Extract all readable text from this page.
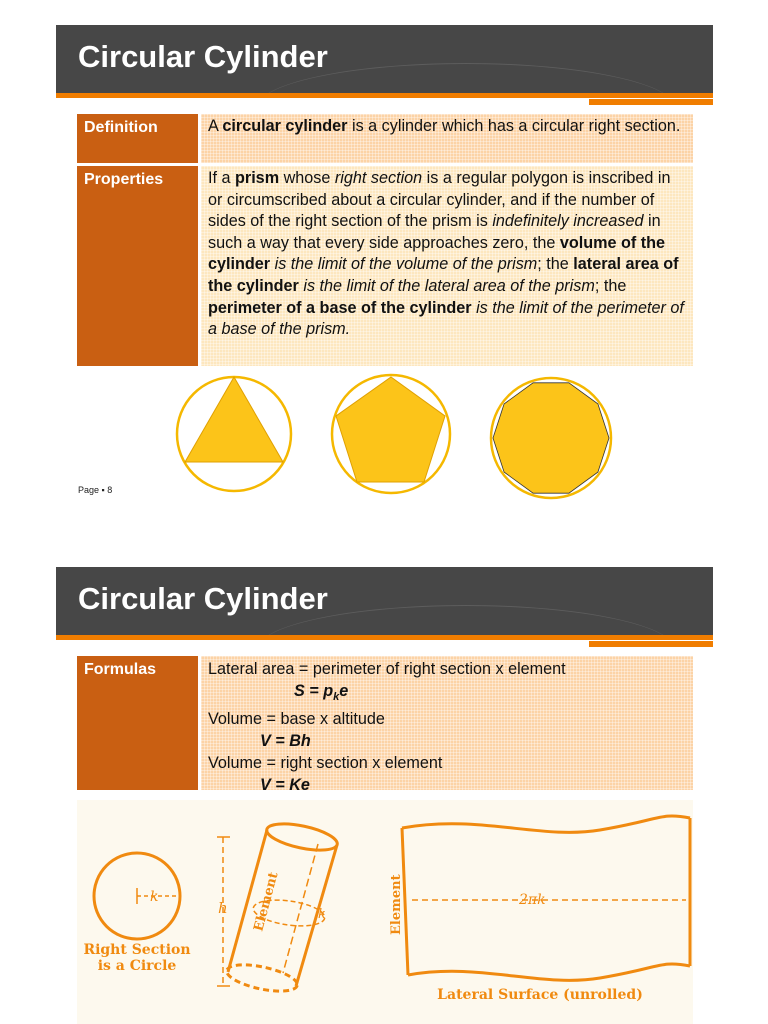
Circular Cylinder
Definition	A circular cylinder is a cylinder which has a circular right section.
Properties	If a prism whose right section is a regular polygon is inscribed in or circumscribed about a circular cylinder, and if the number of sides of the right section of the prism is indefinitely increased in such a way that every side approaches zero, the volume of the cylinder is the limit of the volume of the prism; the lateral area of the cylinder is the limit of the lateral area of the prism; the perimeter of a base of the cylinder is the limit of the perimeter of a base of the prism.
Page ▪ 8
Circular Cylinder
Formulas	Lateral area = perimeter of right section x element
$S = p_ke$
Volume = base x altitude
V = Bh
Volume = right section x element
V = Ke
k
Right Section
is a Circle
h Element	k
2πk
Element
Lateral Surface (unrolled)
